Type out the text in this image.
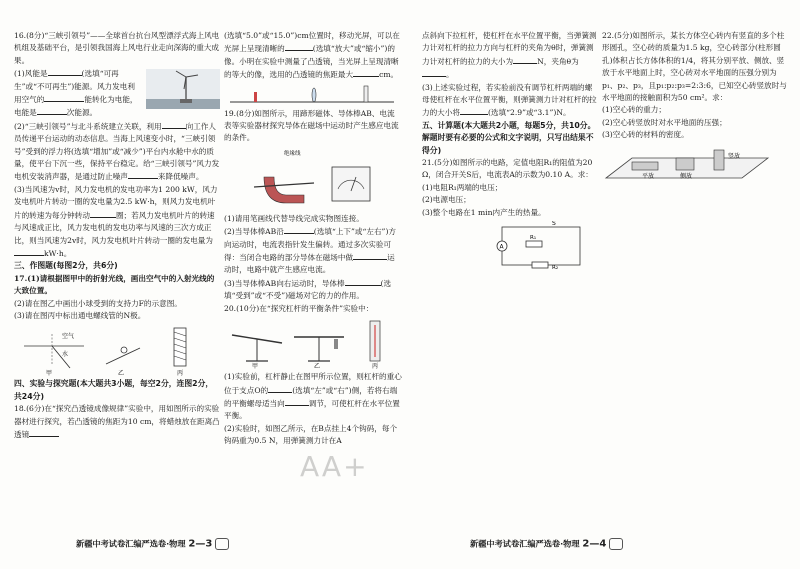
16.(8分)“三峡引领号”——全球首台抗台风型漂浮式海上风电机组及基础平台，是引领我国海上风电行业走向深海的重大成果。

(1)风能是	(选填“可再生”或“不可再生”)能源。风力发电利用空气的	能转化为电能，电能是	次能源。

(2)“三峡引领号”与北斗系统建立关联，利用	向工作人员传递平台运动的动态信息。当海上风速变小时，“三峡引领号”受到的浮力将(选填“增加”或“减少”)平台内水舱中水的质量，使平台下沉一些，保持平台稳定。给“三峡引领号”风力发电机安装消声器，是通过防止噪声	来降低噪声。

(3)当风速为v时，风力发电机的发电功率为1 200 kW，风力发电机叶片转动一圈的发电量为2.5 kW·h，则风力发电机叶片的转速为每分钟转动	圈；若风力发电机叶片的转速与风速成正比，风力发电机的发电功率与风速的三次方成正比，则当风速为2v时，风力发电机叶片转动一圈的发电量为kW·h。

三、作图题(每图2分，共6分)

17.(1)请根据图甲中的折射光线，画出空气中的入射光线的大致位置。

(2)请在图乙中画出小球受到的支持力F的示意图。

(3)请在图丙中标出通电螺线管的N极。

空气
水
甲	乙	丙

四、实验与探究题(本大题共3小题，每空2分，连图2分，共24分)

18.(6分)在“探究凸透镜成像规律”实验中，用如图所示的实验器材进行探究，若凸透镜的焦距为10 cm，将蜡烛放在距离凸透镜

(选填“5.0”或“15.0”)cm位置时，移动光屏，可以在光屏上呈现清晰的	(选填“放大”或“缩小”)的像。小明在实验中测量了凸透镜，当光屏上呈现清晰的等大的像，选用的凸透镜的焦距最大	cm。

19.(8分)如图所示，用蹄形磁体、导体棒AB、电流表等实验器材探究导体在磁场中运动时产生感应电流的条件。

绝缘线

(1)请用笔画线代替导线完成实物图连接。

(2)当导体棒AB沿	(选填“上下”或“左右”)方向运动时，电流表指针发生偏转。通过多次实验可得：当闭合电路的部分导体在磁场中做	运动时，电路中就产生感应电流。

(3)当导体棒AB向右运动时，导体棒	(选填“受到”或“不受”)磁场对它的力的作用。

20.(10分)在“探究杠杆的平衡条件”实验中：

甲	乙	丙

(1)实验前，杠杆静止在图甲所示位置，则杠杆的重心位于支点O的	(选填“左”或“右”)侧，若将右端的平衡螺母适当向	调节，可使杠杆在水平位置平衡。

(2)实验时，如图乙所示，在B点挂上4个钩码，每个钩码重为0.5 N，用弹簧测力计在A

点斜向下拉杠杆，使杠杆在水平位置平衡，当弹簧测力计对杠杆的拉力方向与杠杆的夹角为θ时，弹簧测力计对杠杆的拉力的大小为	N，夹角θ为。

(3)上述实验过程，若实验前没有调节杠杆两端的螺母使杠杆在水平位置平衡，则弹簧测力计对杠杆的拉力的大小将	(选填“2.9”或“3.1”)N。

五、计算题(本大题共2小题，每题5分，共10分。解题时要有必要的公式和文字说明，只写出结果不得分)

21.(5分)如图所示的电路，定值电阻R₁的阻值为20 Ω，闭合开关S后，电流表A的示数为0.10 A。求：

(1)电阻R₁两端的电压；

(2)电源电压；

(3)整个电路在1 min内产生的热量。

A
S
R₁
R₂

22.(5分)如图所示，某长方体空心砖内有竖直的多个柱形圆孔，空心砖的质量为1.5 kg，空心砖部分(柱形圆孔)体积占长方体体积的1/4，将其分别平放、侧放、竖放于水平地面上时，空心砖对水平地面的压强分别为p₁、p₂、p₃，且p₁:p₂:p₃=2:3:6，已知空心砖竖放时与水平地面的接触面积为50 cm²。求：

(1)空心砖的重力；

(2)空心砖竖放时对水平地面的压强；

(3)空心砖的材料的密度。

平放	侧放
竖放
新疆中考试卷汇编严选卷·物理 2—3	新疆中考试卷汇编严选卷·物理 2—4
AA+
